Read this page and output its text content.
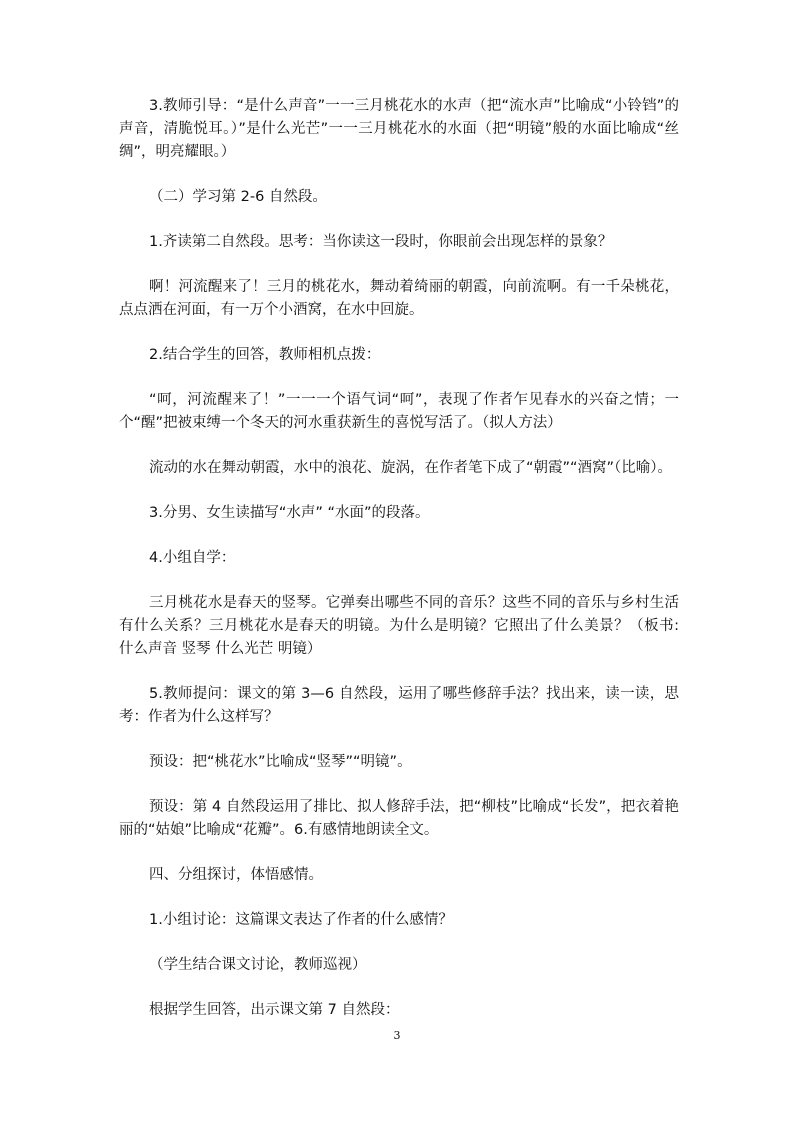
3.教师引导：“是什么声音”一一三月桃花水的水声（把“流水声”比喻成“小铃铛”的声音，清脆悦耳。）”是什么光芒”一一三月桃花水的水面（把“明镜”般的水面比喻成“丝绸”，明亮耀眼。）

（二）学习第 2-6 自然段。

1.齐读第二自然段。思考：当你读这一段时，你眼前会出现怎样的景象？

啊！河流醒来了！三月的桃花水，舞动着绮丽的朝霞，向前流啊。有一千朵桃花，点点洒在河面，有一万个小酒窝，在水中回旋。

2.结合学生的回答，教师相机点拨：

“呵，河流醒来了！”一一一个语气词“呵”，表现了作者乍见春水的兴奋之情；一个“醒”把被束缚一个冬天的河水重获新生的喜悦写活了。（拟人方法）

流动的水在舞动朝霞，水中的浪花、旋涡，在作者笔下成了“朝霞”“酒窝”（比喻）。

3.分男、女生读描写“水声” “水面”的段落。

4.小组自学：

三月桃花水是春天的竖琴。它弹奏出哪些不同的音乐？这些不同的音乐与乡村生活有什么关系？三月桃花水是春天的明镜。为什么是明镜？它照出了什么美景？（板书: 什么声音 竖琴 什么光芒 明镜）

5.教师提问：课文的第 3—6 自然段，运用了哪些修辞手法？找出来，读一读，思考：作者为什么这样写？

预设：把“桃花水”比喻成“竖琴”“明镜”。

预设：第 4 自然段运用了排比、拟人修辞手法，把“柳枝”比喻成“长发”，把衣着艳丽的“姑娘”比喻成“花瓣”。6.有感情地朗读全文。

四、分组探讨，体悟感情。

1.小组讨论：这篇课文表达了作者的什么感情？

（学生结合课文讨论，教师巡视）

根据学生回答，出示课文第 7 自然段：

3
